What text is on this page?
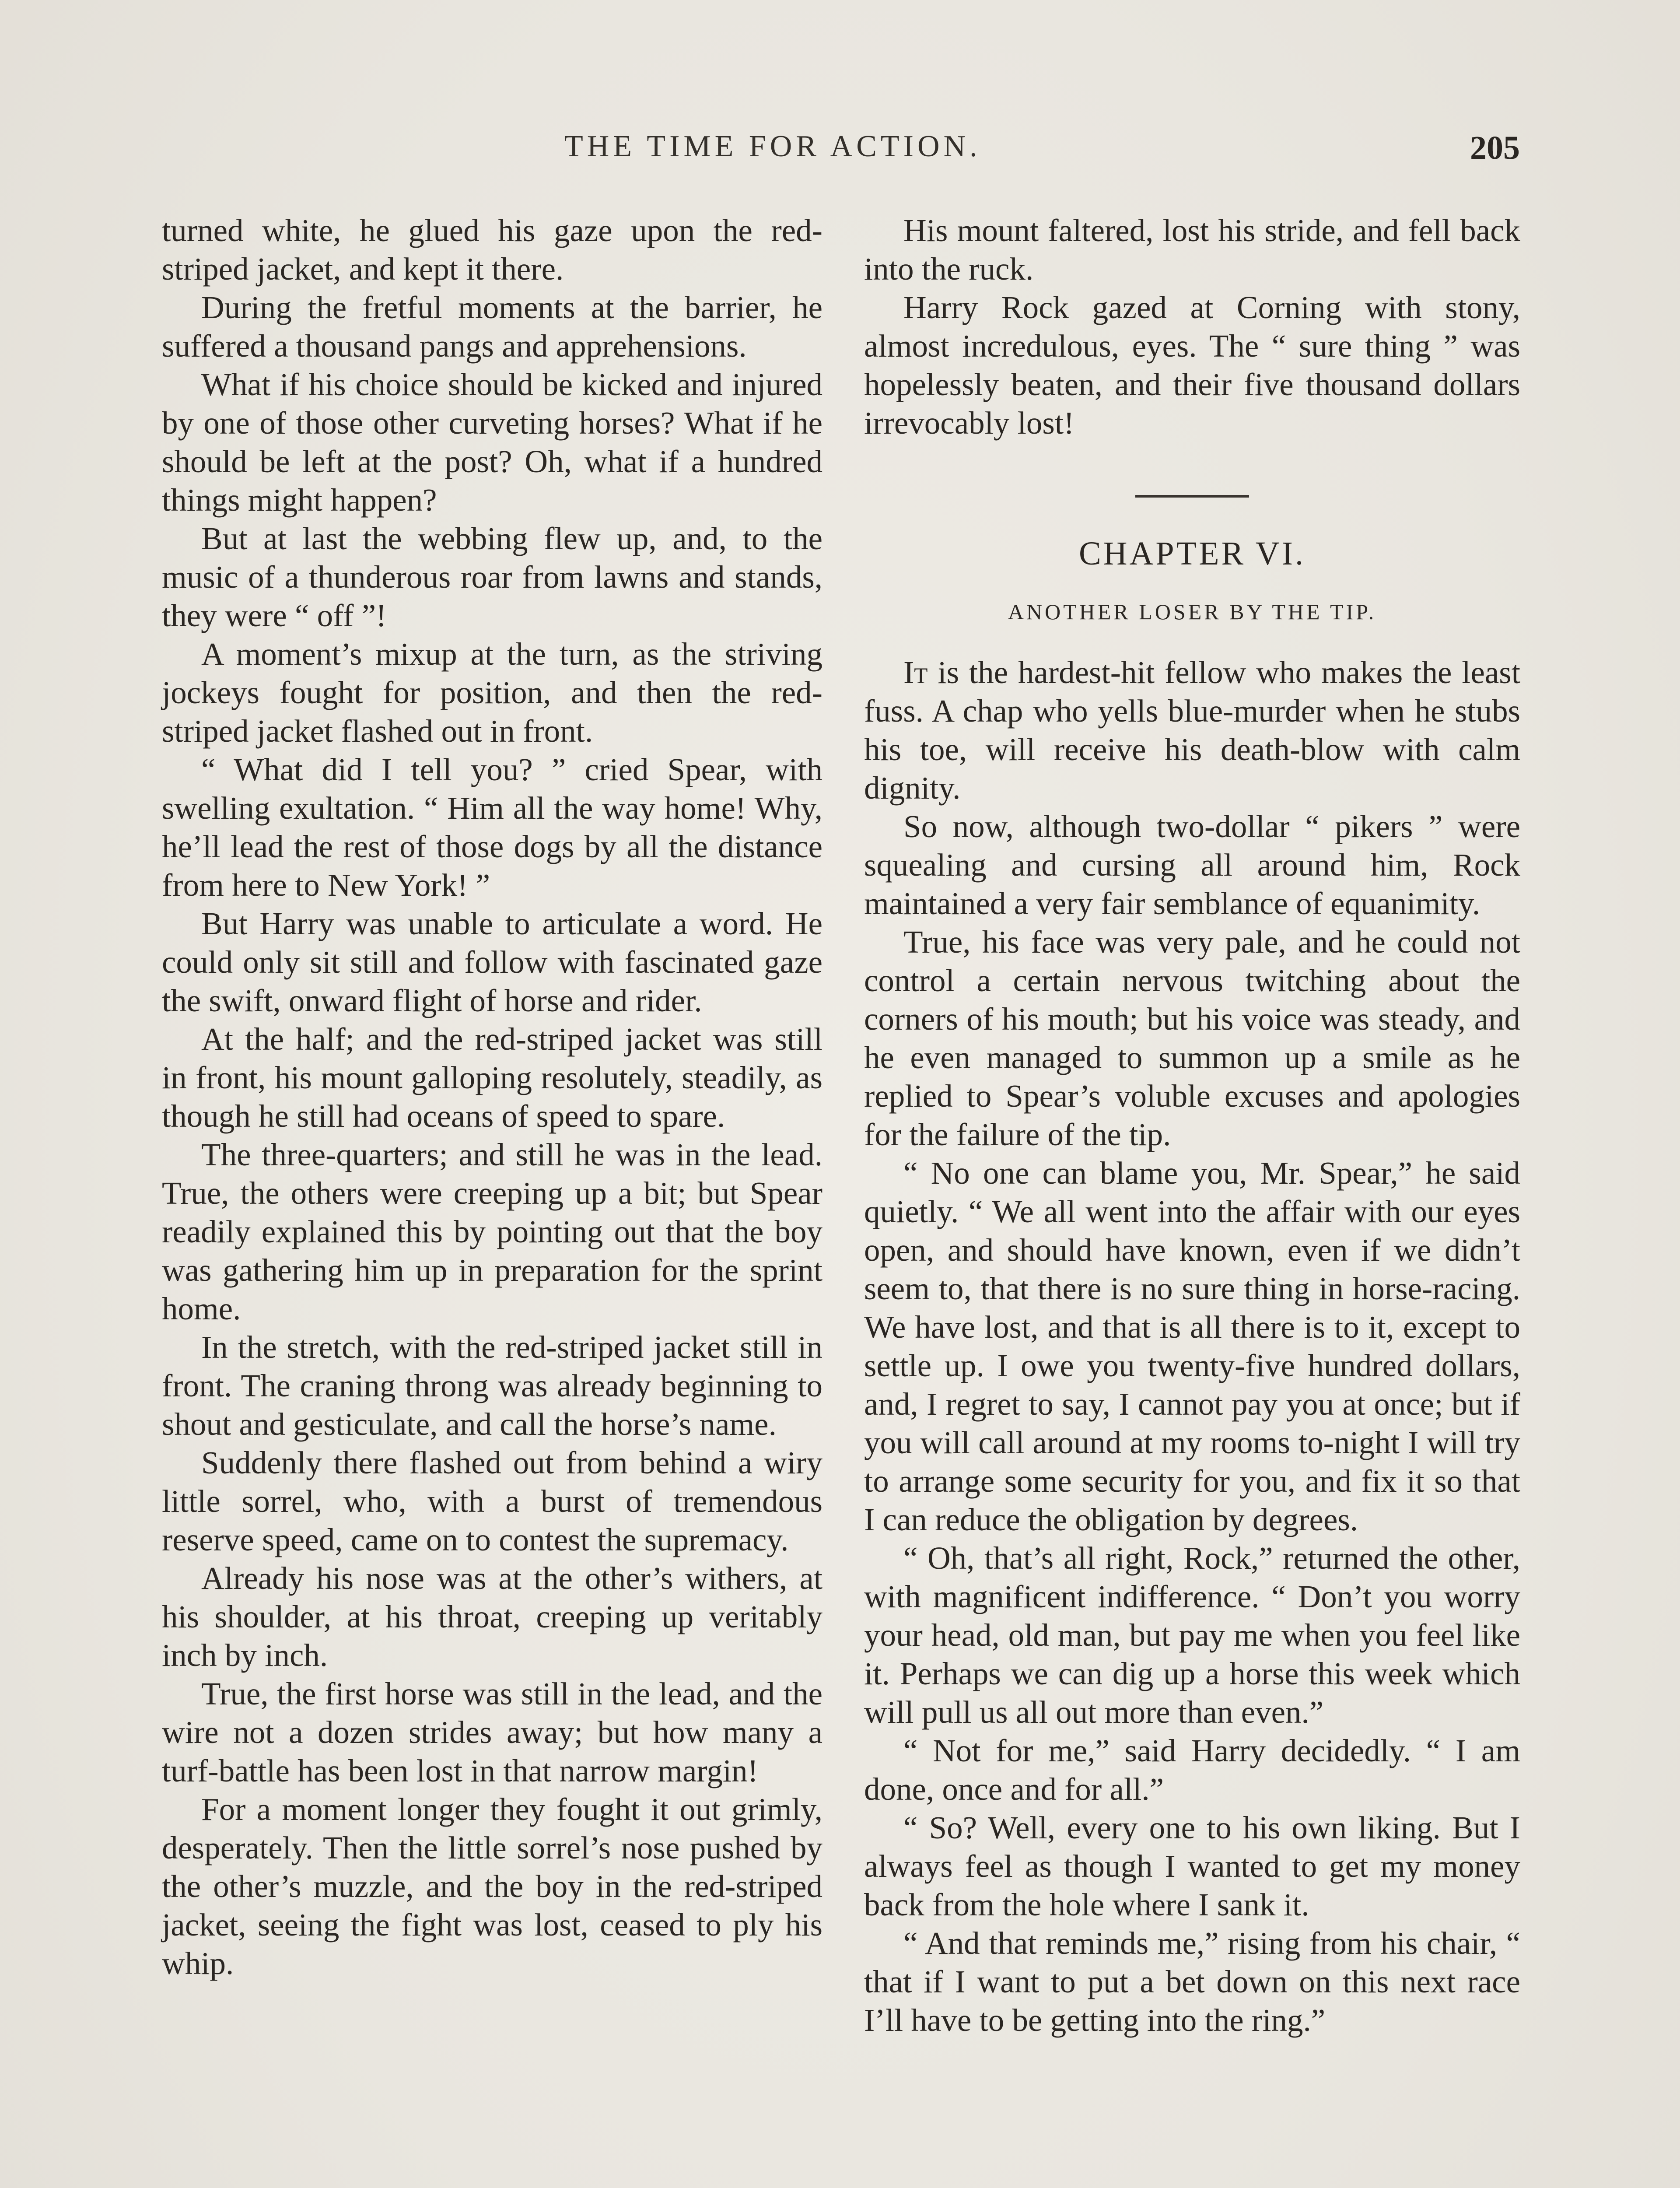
THE TIME FOR ACTION.	205

turned white, he glued his gaze upon the red-striped jacket, and kept it there.

During the fretful moments at the barrier, he suffered a thousand pangs and apprehensions.

What if his choice should be kicked and injured by one of those other curveting horses? What if he should be left at the post? Oh, what if a hundred things might happen?

But at last the webbing flew up, and, to the music of a thunderous roar from lawns and stands, they were “ off ”!

A moment’s mixup at the turn, as the striving jockeys fought for position, and then the red-striped jacket flashed out in front.

“ What did I tell you? ” cried Spear, with swelling exultation. “ Him all the way home! Why, he’ll lead the rest of those dogs by all the distance from here to New York! ”

But Harry was unable to articulate a word. He could only sit still and follow with fascinated gaze the swift, onward flight of horse and rider.

At the half; and the red-striped jacket was still in front, his mount galloping resolutely, steadily, as though he still had oceans of speed to spare.

The three-quarters; and still he was in the lead. True, the others were creeping up a bit; but Spear readily explained this by pointing out that the boy was gathering him up in preparation for the sprint home.

In the stretch, with the red-striped jacket still in front. The craning throng was already beginning to shout and gesticulate, and call the horse’s name.

Suddenly there flashed out from behind a wiry little sorrel, who, with a burst of tremendous reserve speed, came on to contest the supremacy.

Already his nose was at the other’s withers, at his shoulder, at his throat, creeping up veritably inch by inch.

True, the first horse was still in the lead, and the wire not a dozen strides away; but how many a turf-battle has been lost in that narrow margin!

For a moment longer they fought it out grimly, desperately. Then the little sorrel’s nose pushed by the other’s muzzle, and the boy in the red-striped jacket, seeing the fight was lost, ceased to ply his whip.

His mount faltered, lost his stride, and fell back into the ruck.

Harry Rock gazed at Corning with stony, almost incredulous, eyes. The “ sure thing ” was hopelessly beaten, and their five thousand dollars irrevocably lost!

CHAPTER VI.
ANOTHER LOSER BY THE TIP.

It is the hardest-hit fellow who makes the least fuss. A chap who yells blue-murder when he stubs his toe, will receive his death-blow with calm dignity.

So now, although two-dollar “ pikers ” were squealing and cursing all around him, Rock maintained a very fair semblance of equanimity.

True, his face was very pale, and he could not control a certain nervous twitching about the corners of his mouth; but his voice was steady, and he even managed to summon up a smile as he replied to Spear’s voluble excuses and apologies for the failure of the tip.

“ No one can blame you, Mr. Spear,” he said quietly. “ We all went into the affair with our eyes open, and should have known, even if we didn’t seem to, that there is no sure thing in horse-racing. We have lost, and that is all there is to it, except to settle up. I owe you twenty-five hundred dollars, and, I regret to say, I cannot pay you at once; but if you will call around at my rooms to-night I will try to arrange some security for you, and fix it so that I can reduce the obligation by degrees.

“ Oh, that’s all right, Rock,” returned the other, with magnificent indifference. “ Don’t you worry your head, old man, but pay me when you feel like it. Perhaps we can dig up a horse this week which will pull us all out more than even.”

“ Not for me,” said Harry decidedly. “ I am done, once and for all.”

“ So? Well, every one to his own liking. But I always feel as though I wanted to get my money back from the hole where I sank it.

“ And that reminds me,” rising from his chair, “ that if I want to put a bet down on this next race I’ll have to be getting into the ring.”
